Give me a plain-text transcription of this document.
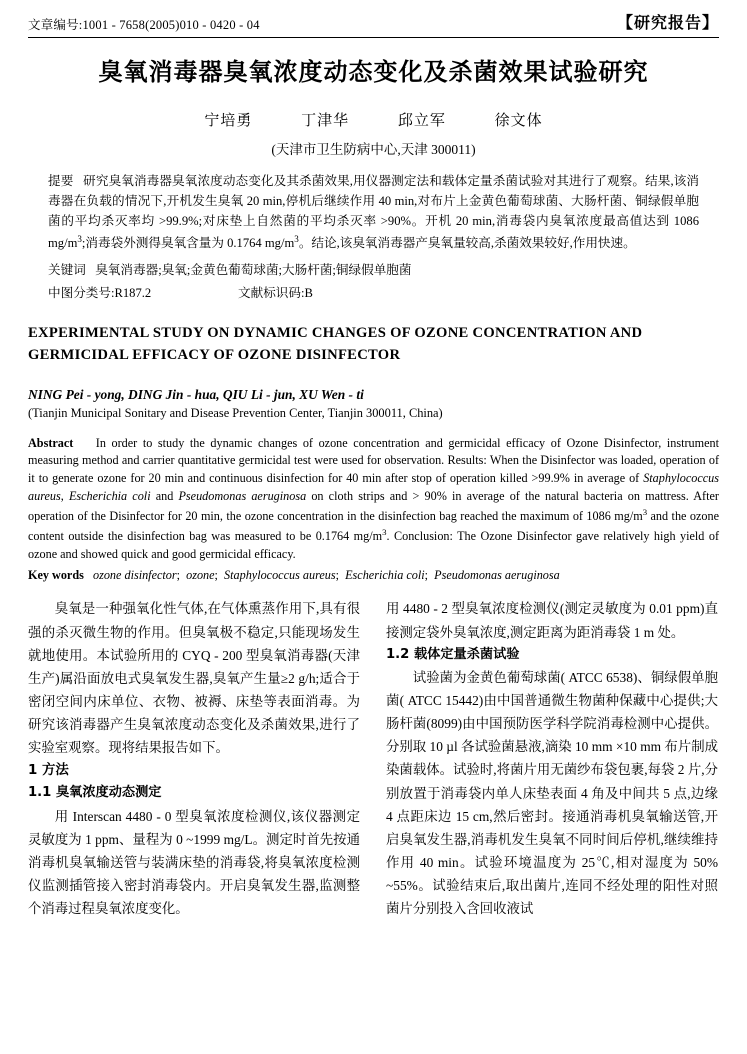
文章编号:1001 - 7658(2005)010 - 0420 - 04	【研究报告】
臭氧消毒器臭氧浓度动态变化及杀菌效果试验研究
宁培勇	丁津华	邱立军	徐文体
(天津市卫生防病中心,天津 300011)
提要 研究臭氧消毒器臭氧浓度动态变化及其杀菌效果,用仪器测定法和载体定量杀菌试验对其进行了观察。结果,该消毒器在负载的情况下,开机发生臭氧 20 min,停机后继续作用 40 min,对布片上金黄色葡萄球菌、大肠杆菌、铜绿假单胞菌的平均杀灭率均 >99.9%;对床垫上自然菌的平均杀灭率 >90%。开机 20 min,消毒袋内臭氧浓度最高值达到 1086 $mg/m^3$;消毒袋外测得臭氧含量为 0.1764 $mg/m^3$。结论,该臭氧消毒器产臭氧量较高,杀菌效果较好,作用快速。
关键词 臭氧消毒器;臭氧;金黄色葡萄球菌;大肠杆菌;铜绿假单胞菌
中图分类号:R187.2	文献标识码:B
EXPERIMENTAL STUDY ON DYNAMIC CHANGES OF OZONE CONCENTRATION AND GERMICIDAL EFFICACY OF OZONE DISINFECTOR
NING Pei - yong, DING Jin - hua, QIU Li - jun, XU Wen - ti
(Tianjin Municipal Sonitary and Disease Prevention Center, Tianjin 300011, China)
Abstract In order to study the dynamic changes of ozone concentration and germicidal efficacy of Ozone Disinfector, instrument measuring method and carrier quantitative germicidal test were used for observation. Results: When the Disinfector was loaded, operation of it to generate ozone for 20 min and continuous disinfection for 40 min after stop of operation killed >99.9% in average of Staphylococcus aureus, Escherichia coli and Pseudomonas aeruginosa on cloth strips and > 90% in average of the natural bacteria on mattress. After operation of the Disinfector for 20 min, the ozone concentration in the disinfection bag reached the maximum of 1086 $mg/m^3$ and the ozone content outside the disinfection bag was measured to be 0.1764 $mg/m^3$. Conclusion: The Ozone Disinfector gave relatively high yield of ozone and showed quick and good germicidal efficacy.
Key words ozone disinfector;  ozone;  Staphylococcus aureus;  Escherichia coli;  Pseudomonas aeruginosa

臭氧是一种强氧化性气体,在气体熏蒸作用下,具有很强的杀灭微生物的作用。但臭氧极不稳定,只能现场发生就地使用。本试验所用的 CYQ - 200 型臭氧消毒器(天津生产)属沿面放电式臭氧发生器,臭氧产生量≥2 g/h;适合于密闭空间内床单位、衣物、被褥、床垫等表面消毒。为研究该消毒器产生臭氧浓度动态变化及杀菌效果,进行了实验室观察。现将结果报告如下。

1 方法

1.1 臭氧浓度动态测定

用 Interscan 4480 - 0 型臭氧浓度检测仪,该仪器测定灵敏度为 1 ppm、量程为 0 ~1999 mg/L。测定时首先按通消毒机臭氧输送管与装满床垫的消毒袋,将臭氧浓度检测仪监测插管接入密封消毒袋内。开启臭氧发生器,监测整个消毒过程臭氧浓度变化。

用 4480 - 2 型臭氧浓度检测仪(测定灵敏度为 0.01 ppm)直接测定袋外臭氧浓度,测定距离为距消毒袋 1 m 处。

1.2 载体定量杀菌试验

试验菌为金黄色葡萄球菌( ATCC 6538)、铜绿假单胞菌( ATCC 15442)由中国普通微生物菌种保藏中心提供;大肠杆菌(8099)由中国预防医学科学院消毒检测中心提供。分别取 10 µl 各试验菌悬液,滴染 10 mm ×10 mm 布片制成染菌载体。试验时,将菌片用无菌纱布袋包裹,每袋 2 片,分别放置于消毒袋内单人床垫表面 4 角及中间共 5 点,边缘 4 点距床边 15 cm,然后密封。接通消毒机臭氧输送管,开启臭氧发生器,消毒机发生臭氧不同时间后停机,继续维持作用 40 min。试验环境温度为 25℃,相对湿度为 50% ~55%。试验结束后,取出菌片,连同不经处理的阳性对照菌片分别投入含回收液试
